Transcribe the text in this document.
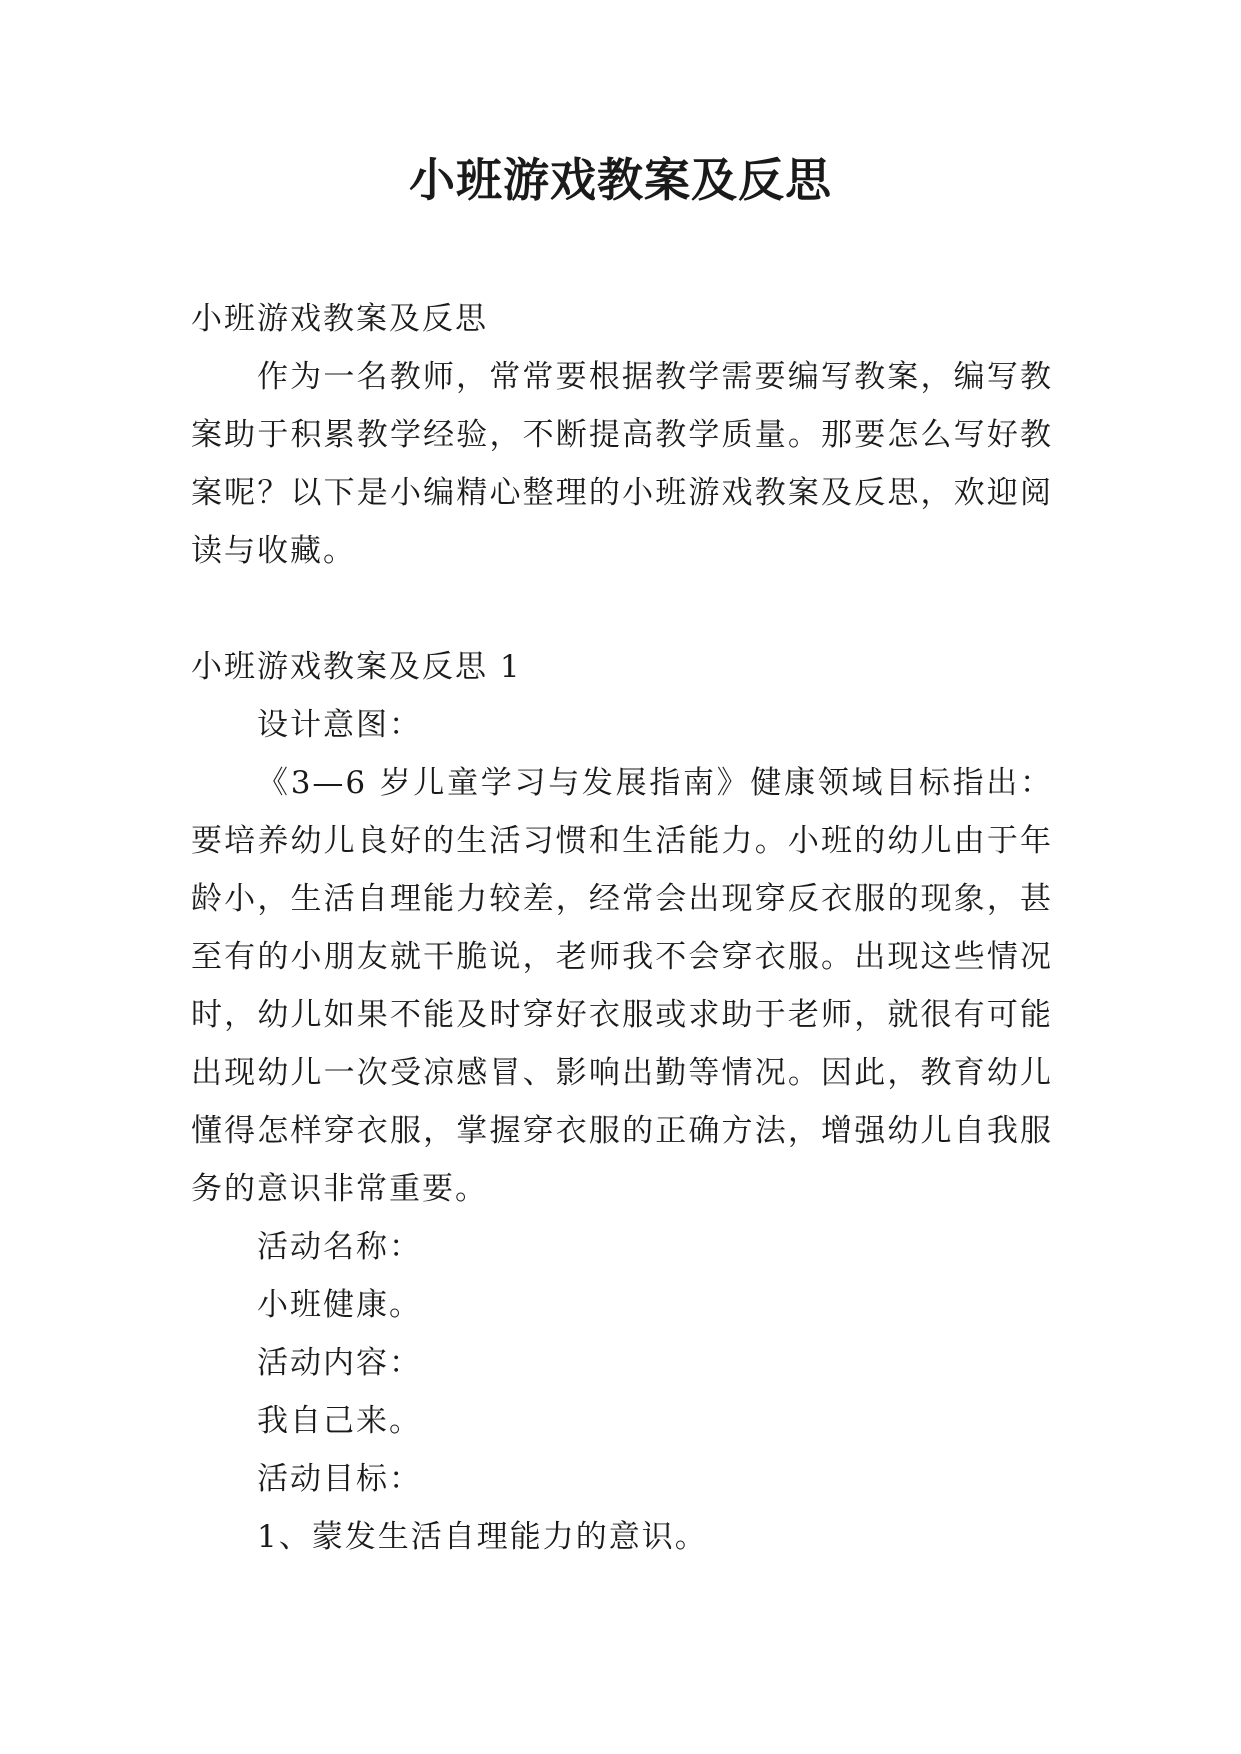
小班游戏教案及反思

小班游戏教案及反思

作为一名教师，常常要根据教学需要编写教案，编写教案助于积累教学经验，不断提高教学质量。那要怎么写好教案呢？以下是小编精心整理的小班游戏教案及反思，欢迎阅读与收藏。

小班游戏教案及反思 1

设计意图：

《3—6 岁儿童学习与发展指南》健康领域目标指出：要培养幼儿良好的生活习惯和生活能力。小班的幼儿由于年龄小，生活自理能力较差，经常会出现穿反衣服的现象，甚至有的小朋友就干脆说，老师我不会穿衣服。出现这些情况时，幼儿如果不能及时穿好衣服或求助于老师，就很有可能出现幼儿一次受凉感冒、影响出勤等情况。因此，教育幼儿懂得怎样穿衣服，掌握穿衣服的正确方法，增强幼儿自我服务的意识非常重要。

活动名称：

小班健康。

活动内容：

我自己来。

活动目标：

1、蒙发生活自理能力的意识。
